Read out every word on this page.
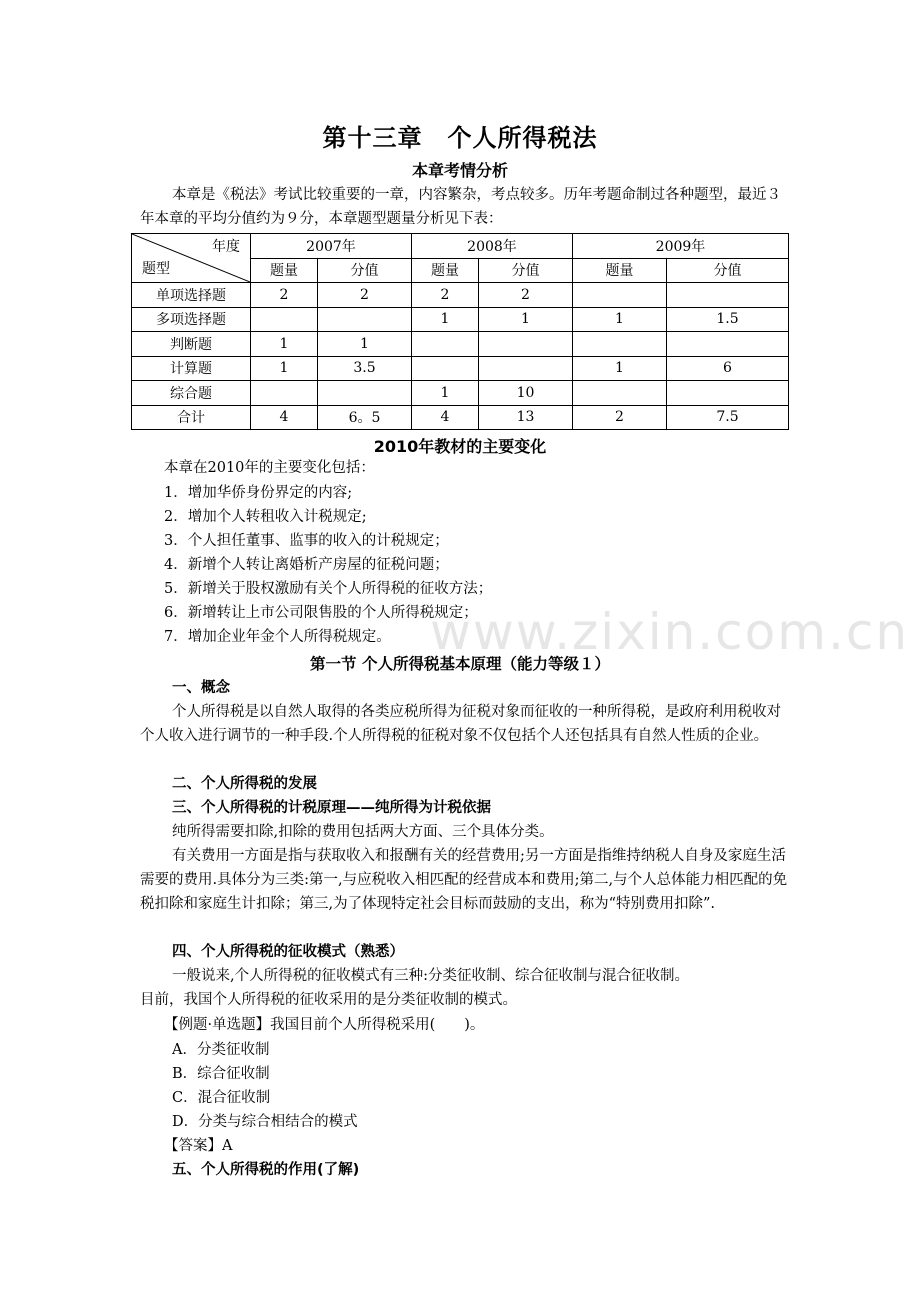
www.zixin.com.cn
第十三章　个人所得税法
本章考情分析
本章是《税法》考试比较重要的一章，内容繁杂，考点较多。历年考题命制过各种题型，最近３年本章的平均分值约为９分，本章题型题量分析见下表：
年度
题型	2007年		2008年		2009年	
	题量	分值	题量	分值	题量	分值
单项选择题	2	2	2	2		
多项选择题			1	1	1	1.5
判断题	1	1				
计算题	1	3.5			1	6
综合题			1	10		
合计	4	6。5	4	13	2	7.5
2010年教材的主要变化
本章在2010年的主要变化包括：
1．增加华侨身份界定的内容;
2．增加个人转租收入计税规定;
3．个人担任董事、监事的收入的计税规定；
4．新增个人转让离婚析产房屋的征税问题；
5．新增关于股权激励有关个人所得税的征收方法；
6．新增转让上市公司限售股的个人所得税规定；
7．增加企业年金个人所得税规定。
第一节 个人所得税基本原理（能力等级１）
一、概念
个人所得税是以自然人取得的各类应税所得为征税对象而征收的一种所得税，是政府利用税收对个人收入进行调节的一种手段.个人所得税的征税对象不仅包括个人还包括具有自然人性质的企业。
二、个人所得税的发展
三、个人所得税的计税原理——纯所得为计税依据
纯所得需要扣除,扣除的费用包括两大方面、三个具体分类。
有关费用一方面是指与获取收入和报酬有关的经营费用;另一方面是指维持纳税人自身及家庭生活需要的费用.具体分为三类:第一,与应税收入相匹配的经营成本和费用;第二,与个人总体能力相匹配的免税扣除和家庭生计扣除；第三,为了体现特定社会目标而鼓励的支出，称为“特别费用扣除”.
四、个人所得税的征收模式（熟悉）
一般说来,个人所得税的征收模式有三种:分类征收制、综合征收制与混合征收制。
目前，我国个人所得税的征收采用的是分类征收制的模式。
【例题·单选题】我国目前个人所得税采用(　　)。
A．分类征收制
B．综合征收制
C．混合征收制
D．分类与综合相结合的模式
【答案】A
五、个人所得税的作用(了解)
